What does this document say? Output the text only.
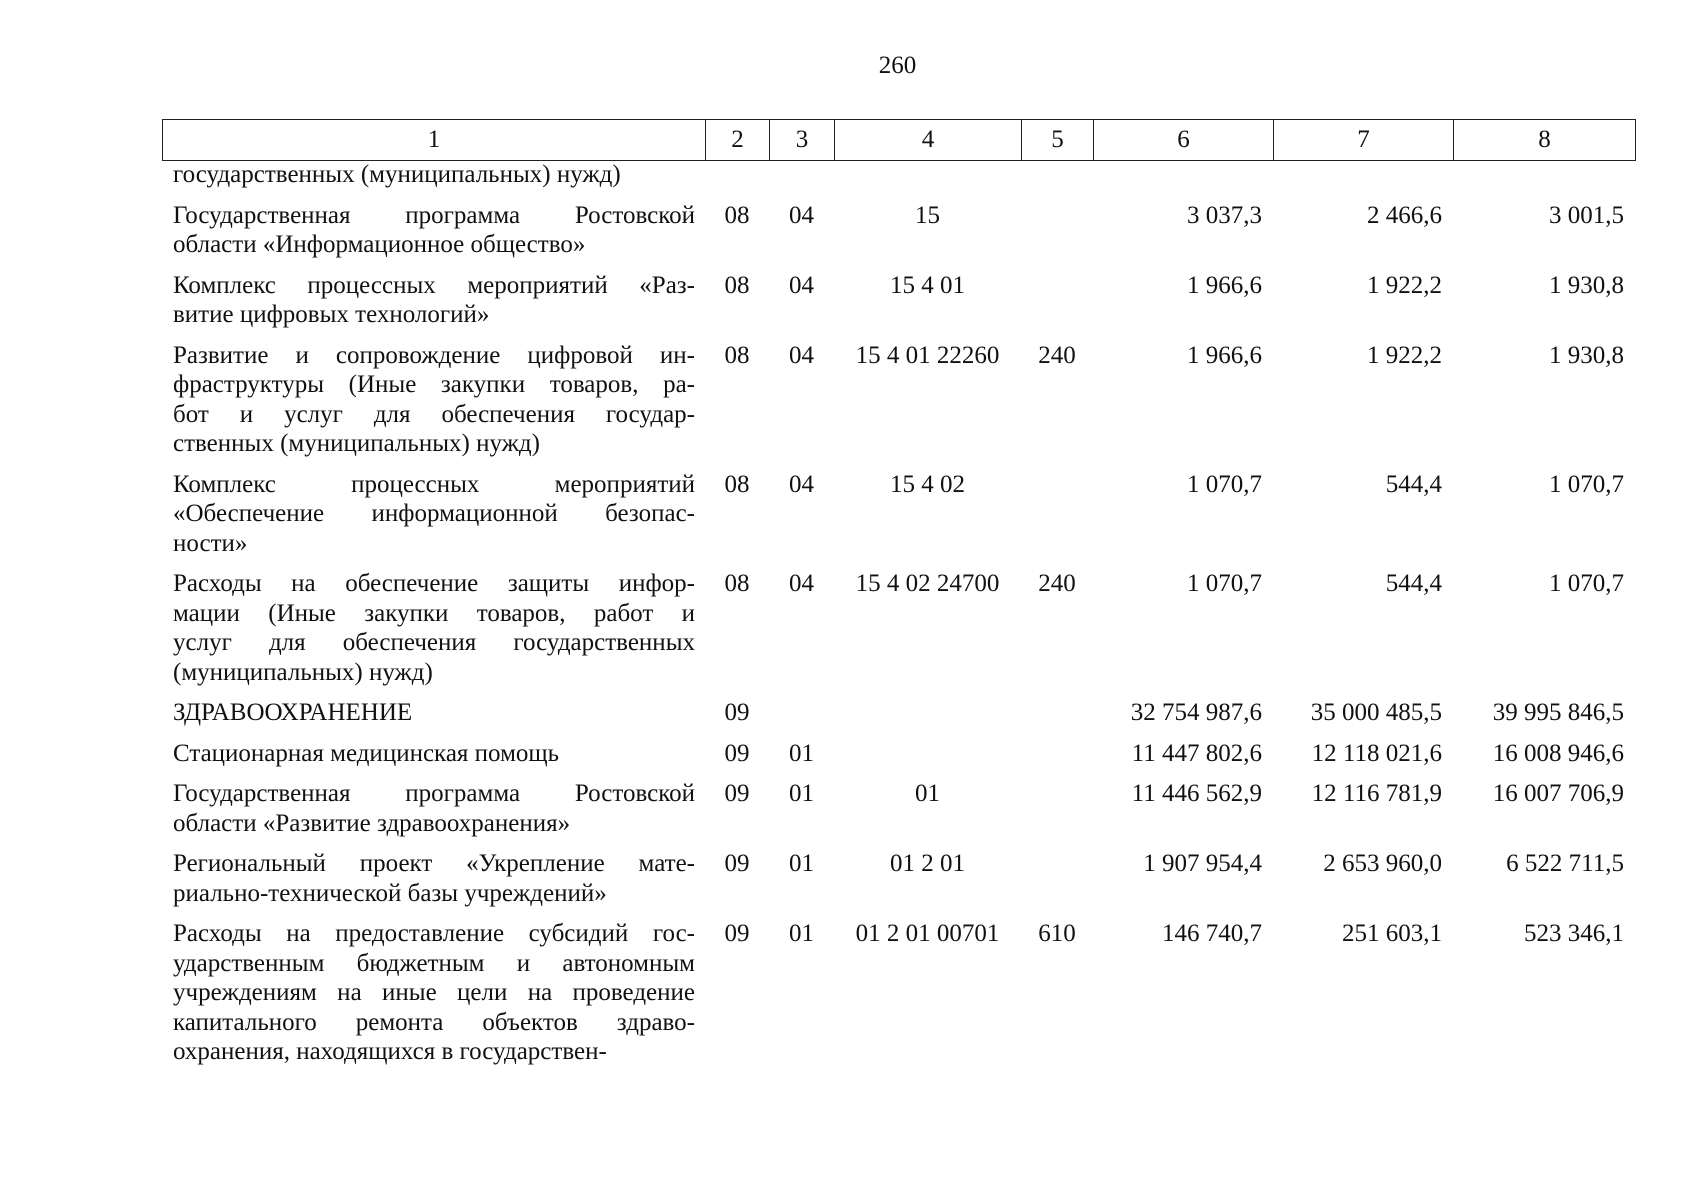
260
1	2	3	4	5	6	7	8
государственных (муниципальных) нужд)							

Государственная программа Ростовской
области «Информационное общество»	08	04	15		3 037,3	2 466,6	3 001,5

Комплекс процессных мероприятий «Раз-
витие цифровых технологий»	08	04	15 4 01		1 966,6	1 922,2	1 930,8

Развитие и сопровождение цифровой ин-
фраструктуры (Иные закупки товаров, ра-
бот и услуг для обеспечения государ-
ственных (муниципальных) нужд)	08	04	15 4 01 22260	240	1 966,6	1 922,2	1 930,8

Комплекс процессных мероприятий
«Обеспечение информационной безопас-
ности»	08	04	15 4 02		1 070,7	544,4	1 070,7

Расходы на обеспечение защиты инфор-
мации (Иные закупки товаров, работ и
услуг для обеспечения государственных
(муниципальных) нужд)	08	04	15 4 02 24700	240	1 070,7	544,4	1 070,7

ЗДРАВООХРАНЕНИЕ	09				32 754 987,6	35 000 485,5	39 995 846,5

Стационарная медицинская помощь	09	01			11 447 802,6	12 118 021,6	16 008 946,6

Государственная программа Ростовской
области «Развитие здравоохранения»	09	01	01		11 446 562,9	12 116 781,9	16 007 706,9

Региональный проект «Укрепление мате-
риально-технической базы учреждений»	09	01	01 2 01		1 907 954,4	2 653 960,0	6 522 711,5

Расходы на предоставление субсидий гос-
ударственным бюджетным и автономным
учреждениям на иные цели на проведение
капитального ремонта объектов здраво-
охранения, находящихся в государствен-	09	01	01 2 01 00701	610	146 740,7	251 603,1	523 346,1
